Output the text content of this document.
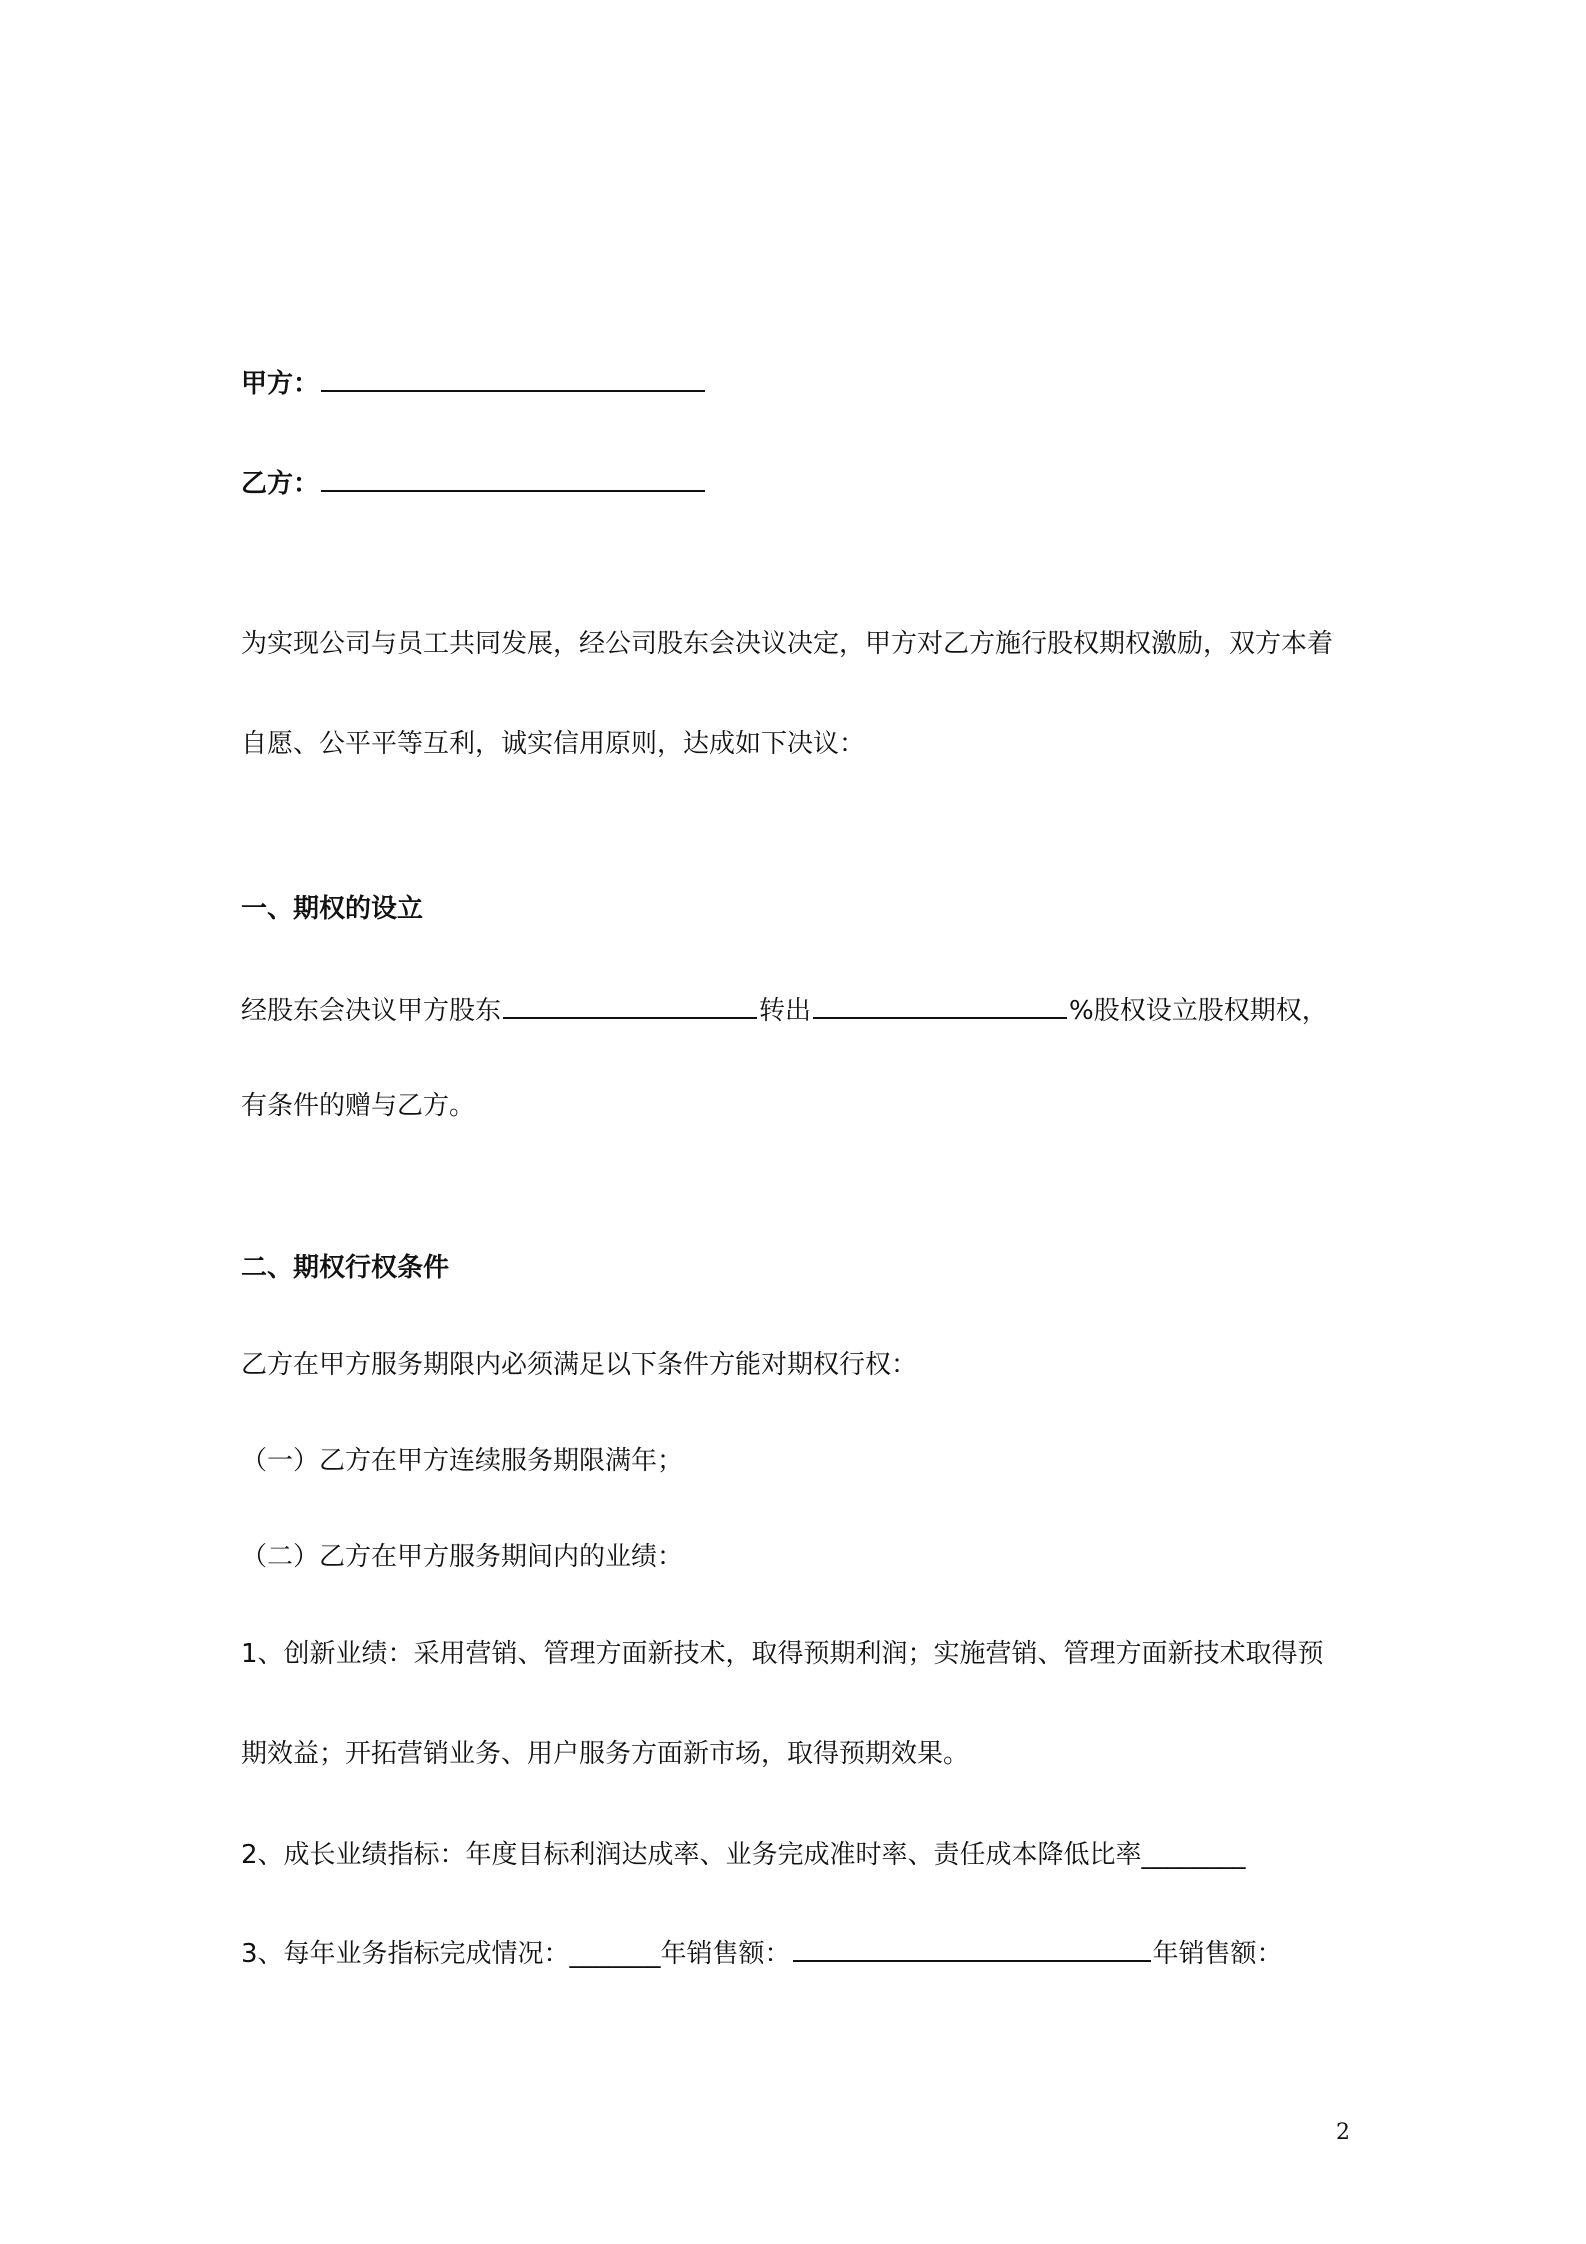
甲方：
乙方：
为实现公司与员工共同发展，经公司股东会决议决定，甲方对乙方施行股权期权激励，双方本着
自愿、公平平等互利，诚实信用原则，达成如下决议：
一、期权的设立
经股东会决议甲方股东	转出	%股权设立股权期权，
有条件的赠与乙方。
二、期权行权条件
乙方在甲方服务期限内必须满足以下条件方能对期权行权：
（一）乙方在甲方连续服务期限满年；
（二）乙方在甲方服务期间内的业绩：
1、创新业绩：采用营销、管理方面新技术，取得预期利润；实施营销、管理方面新技术取得预
期效益；开拓营销业务、用户服务方面新市场，取得预期效果。
2、成长业绩指标：年度目标利润达成率、业务完成准时率、责任成本降低比率________
3、每年业务指标完成情况：_______年销售额：	年销售额：
2
